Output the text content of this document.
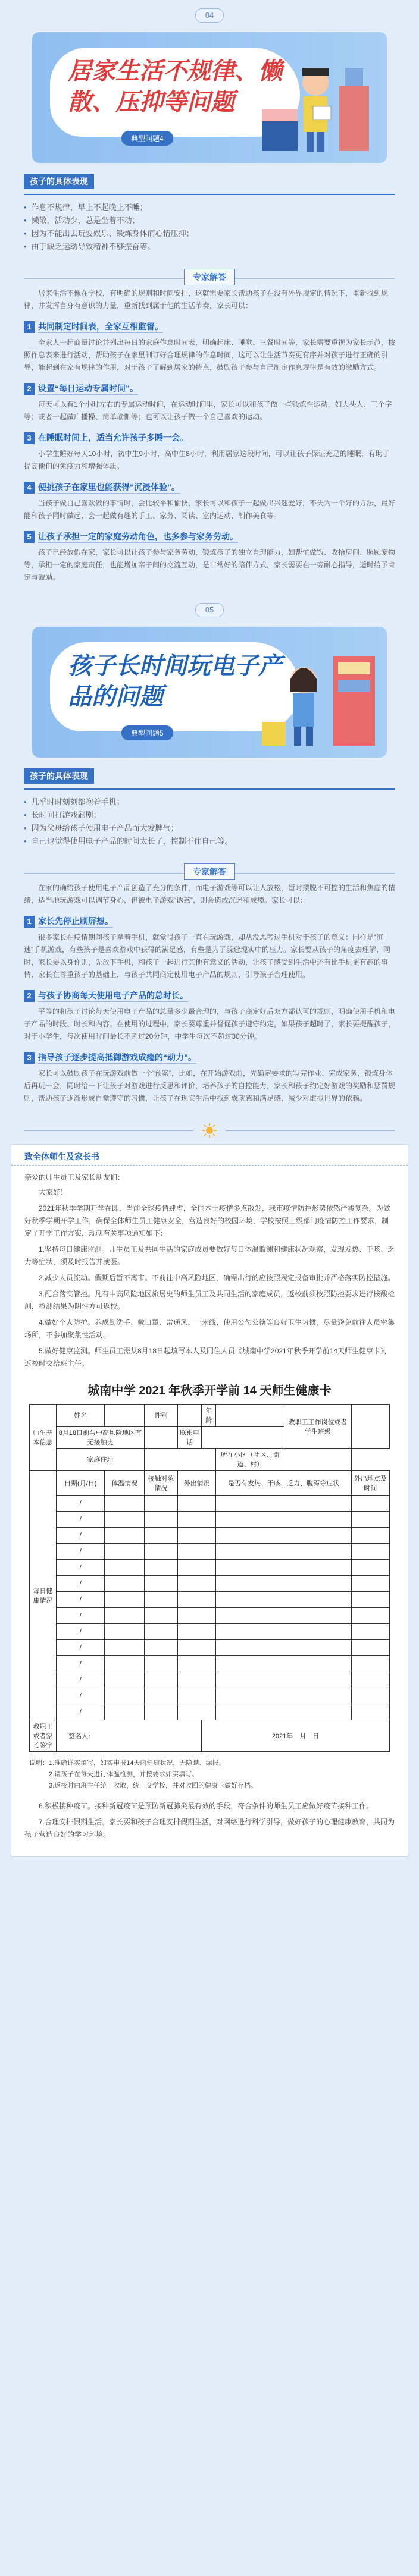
04
居家生活不规律、懒散、压抑等问题
典型问题4
孩子的具体表现
• 作息不规律，早上不起晚上不睡；
• 懒散，活动少，总是坐着不动；
• 因为不能出去玩耍娱乐、锻炼身体而心情压抑；
• 由于缺乏运动导致精神不够振奋等。
专家解答
居家生活不像在学校，有明确的规则和时间安排，这就需要家长帮助孩子在没有外界规定的情况下，重新找到规律，并发挥自身有意识的力量，重新找到属于他的生活节奏，家长可以：
1 共同制定时间表，全家互相监督。
全家人一起商量讨论并列出每日的家庭作息时间表，明确起床、睡觉、三餐时间等，家长需要重视为家长示范，按照作息表来进行活动，帮助孩子在家里制订好合理规律的作息时间，这可以让生活节奏更有序并对孩子进行正确的引导，能起到在家有规律的作用，对于孩子了解到居家的特点，鼓励孩子参与自己制定作息规律是有效的激励方式。
2 设置“每日运动专属时间”。
每天可以有1个小时左右的专属运动时间，在运动时间里，家长可以和孩子做一些锻炼性运动，如大头人、三个字等；或者一起做广播操、简单瑜伽等；也可以让孩子做一个自己喜欢的运动。
3 在睡眠时间上，适当允许孩子多睡一会。
小学生睡好每天10小时，初中生9小时，高中生8小时，利用居家这段时间，可以让孩子保证充足的睡眠，有助于提高他们的免疫力和增强体质。
4 便挑孩子在家里也能获得“沉浸体验”。
当孩子做自己喜欢做的事情时，会比较平和愉快，家长可以和孩子一起做出兴趣爱好，不失为一个好的方法，最好能和孩子同时做起，会一起做有趣的手工、家务、阅读、室内运动、制作美食等。
5 让孩子承担一定的家庭劳动角色，也多参与家务劳动。
孩子已经放假在家，家长可以让孩子参与家务劳动，锻炼孩子的独立自理能力，如帮忙做饭、收拾房间、照顾宠物等，承担一定的家庭责任，也能增加亲子间的交流互动，是非常好的陪伴方式，家长需要在一旁耐心指导，适时给予肯定与鼓励。
05
孩子长时间玩电子产品的问题
典型问题5
孩子的具体表现
• 几乎时时刻刻都抱着手机；
• 长时间打游戏刷剧；
• 因为父母给孩子使用电子产品而大发脾气；
• 自己也觉得使用电子产品的时间太长了，控制不住自己等。
专家解答
在家的确给孩子使用电子产品创造了充分的条件，而电子游戏等可以让人放松，暂时摆脱不可控的生活和焦虑的情绪，适当地玩游戏可以调节身心，但被电子游戏“诱惑”，则会造成沉迷和成瘾。家长可以：
1 家长先停止刷屏想。
很多家长在疫情期间孩子拿着手机，就觉得孩子一直在玩游戏，却从没思考过手机对于孩子的意义：同样是“沉迷”手机游戏，有些孩子是喜欢游戏中获得的满足感，有些是为了躲避现实中的压力。家长要从孩子的角度去理解，同时，家长要以身作则，先放下手机，和孩子一起进行其他有意义的活动，让孩子感受到生活中还有比手机更有趣的事情，家长在尊重孩子的基础上，与孩子共同商定使用电子产品的规则，引导孩子合理使用。
2 与孩子协商每天使用电子产品的总时长。
平等的和孩子讨论每天使用电子产品的总量多少最合理的，与孩子商定好后双方都认可的规则，明确使用手机和电子产品的时段、时长和内容。在使用的过程中，家长要尊重并督促孩子遵守约定，如果孩子超时了，家长要提醒孩子，对于小学生，每次使用时间最长不超过20分钟，中学生每次不超过30分钟。
3 指导孩子逐步提高抵御游戏成瘾的“动力”。
家长可以鼓励孩子在玩游戏前做一个“预案”，比如，在开始游戏前，先确定要求的写完作业、完成家务、锻炼身体后再玩一会，同时给一下让孩子对游戏进行反思和评价，培养孩子的自控能力，家长和孩子约定好游戏的奖励和惩罚规则，帮助孩子逐渐形成自觉遵守的习惯，让孩子在现实生活中找到成就感和满足感，减少对虚拟世界的依赖。
致全体师生及家长书
亲爱的师生员工及家长朋友们：
大家好！
2021年秋季学期开学在即，当前全球疫情肆虐，全国本土疫情多点散发，我市疫情防控形势依然严峻复杂。为做好秋季学期开学工作，确保全体师生员工健康安全，营造良好的校园环境，学校按照上级部门疫情防控工作要求，制定了开学工作方案，现就有关事项通知如下：
1.坚持每日健康监测。师生员工及共同生活的家庭成员要做好每日体温监测和健康状况观察，发现发热、干咳、乏力等症状，须及时报告并就医。
2.减少人员流动。假期后暂不离市。不前往中高风险地区，确需出行的应按照规定报备审批并严格落实防控措施。
3.配合落实管控。凡有中高风险地区旅居史的师生员工及共同生活的家庭成员，返校前须按照防控要求进行核酸检测，检测结果为阴性方可返校。
4.做好个人防护。养成勤洗手、戴口罩、常通风、一米线、使用公勺公筷等良好卫生习惯，尽量避免前往人员密集场所，不参加聚集性活动。
5.做好健康监测。师生员工需从8月18日起填写本人及同住人员《城南中学2021年秋季开学前14天师生健康卡》，返校时交给班主任。
城南中学 2021 年秋季开学前 14 天师生健康卡
师生基本信息	姓名		性别		年龄		教职工工作岗位或者学生班级	
	8月18日前与中高风险地区有无接触史			联系电话				
	家庭住址					所在小区（社区、街道、村）		
每日健康情况	日期(月/日)	体温情况	接触对象情况	外出情况		是否有发热、干咳、乏力、腹泻等症状		外出地点及时间
	/							
	/							
	/							
	/							
	/							
	/							
	/							
	/							
	/							
	/							
	/							
	/							
	/							
	/							
教职工或者家长签字	签名人：				2021年　月　日			
说明：1.准确详实填写，如实申报14天内健康状况，无隐瞒、漏报。
2.请孩子在每天进行体温检测，并按要求如实填写。
3.返校时由班主任统一收取，统一交学校，并对收回的健康卡做好存档。
6.积极接种疫苗。接种新冠疫苗是预防新冠肺炎最有效的手段，符合条件的师生员工应做好疫苗接种工作。
7.合理安排假期生活。家长要和孩子合理安排假期生活，对网络进行科学引导，做好孩子的心理健康教育，共同为孩子营造良好的学习环境。
